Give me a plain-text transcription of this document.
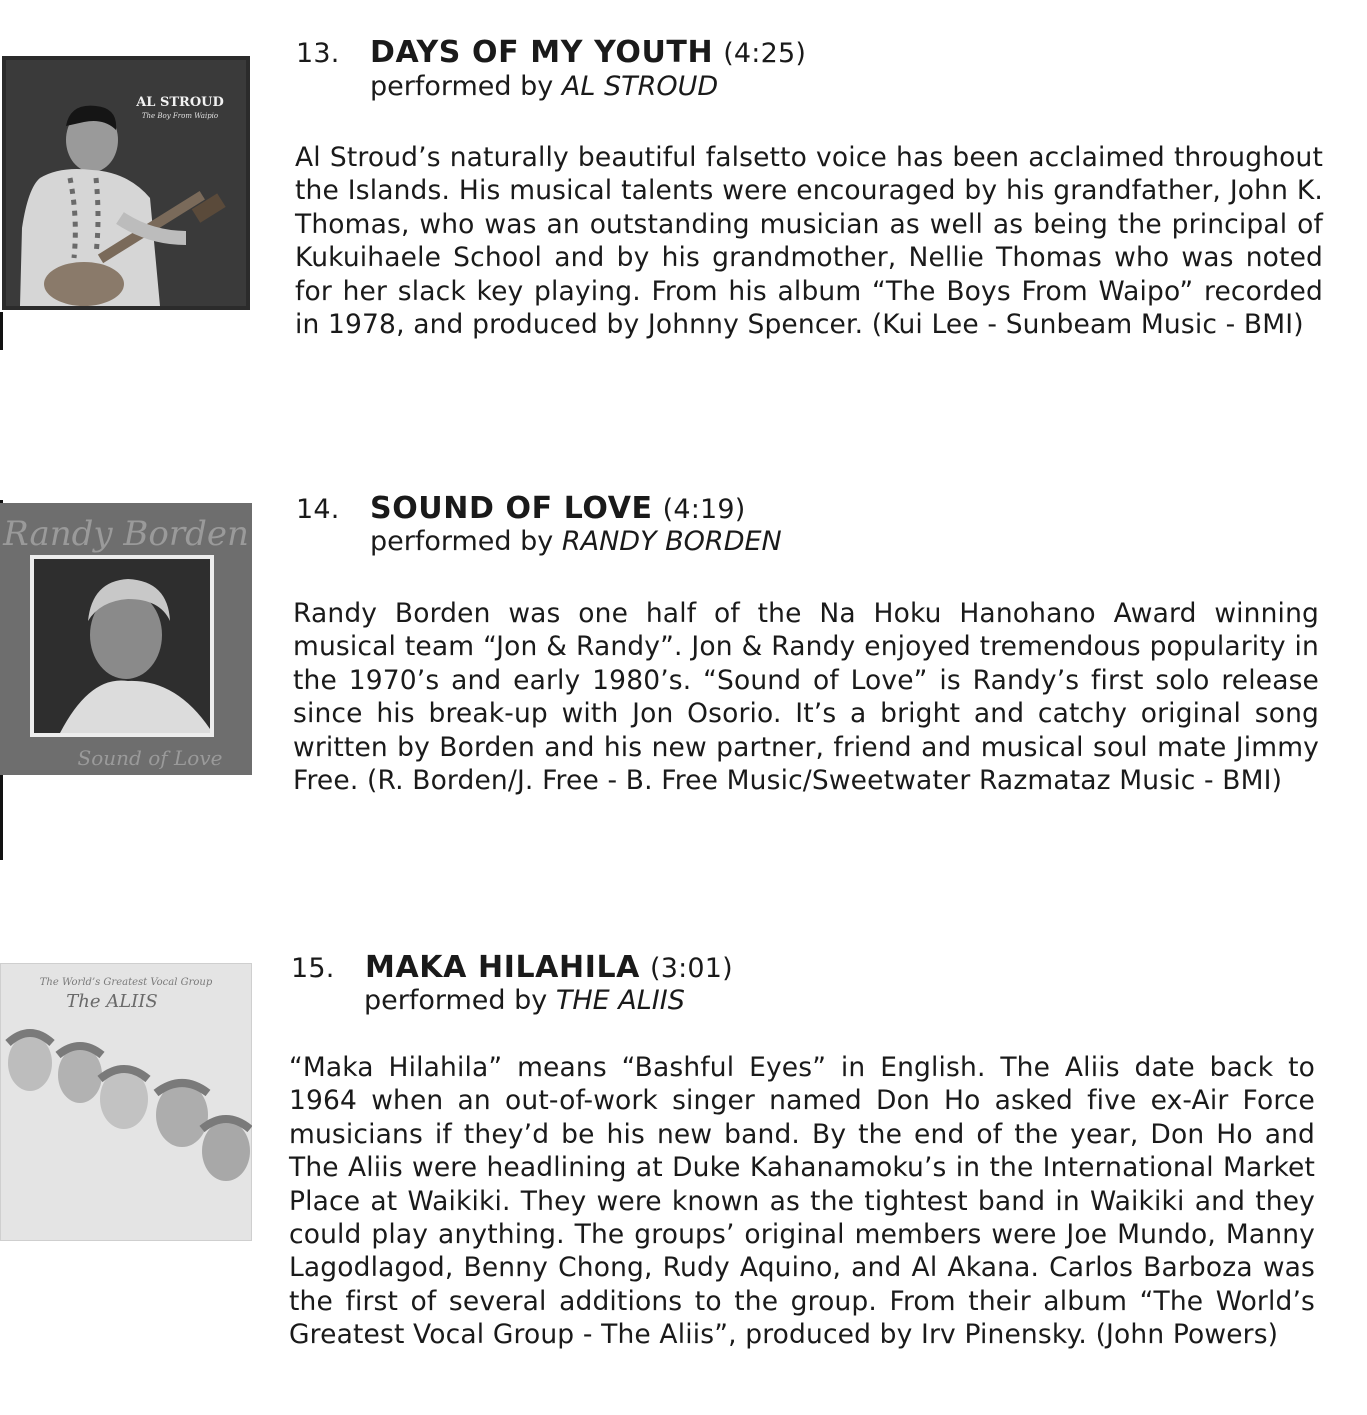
AL STROUD
The Boy From Waipio
13. DAYS OF MY YOUTH (4:25)
performed by AL STROUD

Al Stroud’s naturally beautiful falsetto voice has been acclaimed throughout the Islands. His musical talents were encouraged by his grandfather, John K. Thomas, who was an outstanding musician as well as being the principal of Kukuihaele School and by his grandmother, Nellie Thomas who was noted for her slack key playing. From his album “The Boys From Waipo” recorded in 1978, and produced by Johnny Spencer. (Kui Lee - Sunbeam Music - BMI)

Randy Borden
Sound of Love
14. SOUND OF LOVE (4:19)
performed by RANDY BORDEN

Randy Borden was one half of the Na Hoku Hanohano Award winning musical team “Jon & Randy”. Jon & Randy enjoyed tremendous popularity in the 1970’s and early 1980’s. “Sound of Love” is Randy’s first solo release since his break-up with Jon Osorio. It’s a bright and catchy original song written by Borden and his new partner, friend and musical soul mate Jimmy Free. (R. Borden/J. Free - B. Free Music/Sweetwater Razmataz Music - BMI)

The World’s Greatest Vocal Group
The ALIIS
15. MAKA HILAHILA (3:01)
performed by THE ALIIS

“Maka Hilahila” means “Bashful Eyes” in English. The Aliis date back to 1964 when an out-of-work singer named Don Ho asked five ex-Air Force musicians if they’d be his new band. By the end of the year, Don Ho and The Aliis were headlining at Duke Kahanamoku’s in the International Market Place at Waikiki. They were known as the tightest band in Waikiki and they could play anything. The groups’ original members were Joe Mundo, Manny Lagodlagod, Benny Chong, Rudy Aquino, and Al Akana. Carlos Barboza was the first of several additions to the group. From their album “The World’s Greatest Vocal Group - The Aliis”, produced by Irv Pinensky. (John Powers)
